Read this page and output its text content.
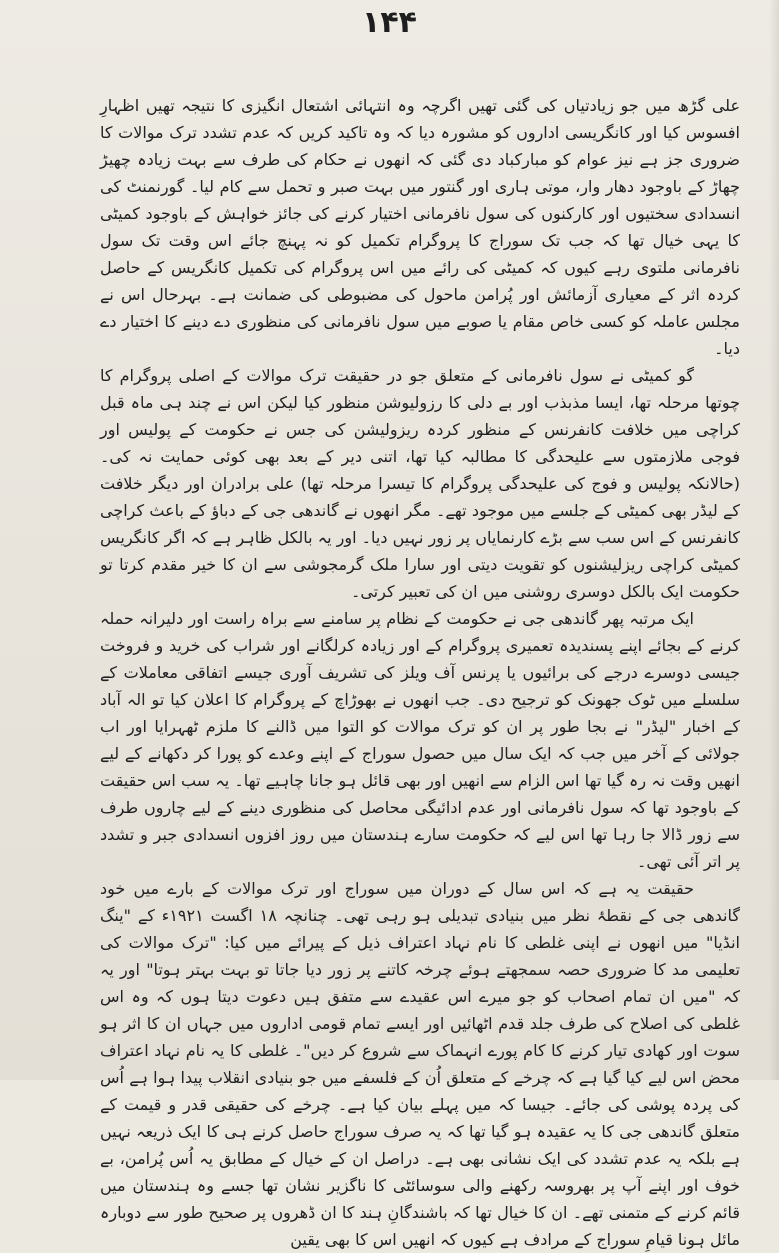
۱۴۴

علی گڑھ میں جو زیادتیاں کی گئی تھیں اگرچہ وہ انتہائی اشتعال انگیزی کا نتیجہ تھیں اظہارِ افسوس کیا اور کانگریسی اداروں کو مشورہ دیا کہ وہ تاکید کریں کہ عدم تشدد ترک موالات کا ضروری جز ہے نیز عوام کو مبارکباد دی گئی کہ انھوں نے حکام کی طرف سے بہت زیادہ چھیڑ چھاڑ کے باوجود دھار وار، موتی ہاری اور گنتور میں بہت صبر و تحمل سے کام لیا۔ گورنمنٹ کی انسدادی سختیوں اور کارکنوں کی سول نافرمانی اختیار کرنے کی جائز خواہش کے باوجود کمیٹی کا یہی خیال تھا کہ جب تک سوراج کا پروگرام تکمیل کو نہ پہنچ جائے اس وقت تک سول نافرمانی ملتوی رہے کیوں کہ کمیٹی کی رائے میں اس پروگرام کی تکمیل کانگریس کے حاصل کردہ اثر کے معیاری آزمائش اور پُرامن ماحول کی مضبوطی کی ضمانت ہے۔ بہرحال اس نے مجلس عاملہ کو کسی خاص مقام یا صوبے میں سول نافرمانی کی منظوری دے دینے کا اختیار دے دیا۔

گو کمیٹی نے سول نافرمانی کے متعلق جو در حقیقت ترک موالات کے اصلی پروگرام کا چوتھا مرحلہ تھا، ایسا مذبذب اور بے دلی کا رزولیوشن منظور کیا لیکن اس نے چند ہی ماہ قبل کراچی میں خلافت کانفرنس کے منظور کردہ ریزولیشن کی جس نے حکومت کے پولیس اور فوجی ملازمتوں سے علیحدگی کا مطالبہ کیا تھا، اتنی دیر کے بعد بھی کوئی حمایت نہ کی۔ (حالانکہ پولیس و فوج کی علیحدگی پروگرام کا تیسرا مرحلہ تھا) علی برادران اور دیگر خلافت کے لیڈر بھی کمیٹی کے جلسے میں موجود تھے۔ مگر انھوں نے گاندھی جی کے دباؤ کے باعث کراچی کانفرنس کے اس سب سے بڑے کارنمایاں پر زور نہیں دیا۔ اور یہ بالکل ظاہر ہے کہ اگر کانگریس کمیٹی کراچی ریزلیشنوں کو تقویت دیتی اور سارا ملک گرمجوشی سے ان کا خیر مقدم کرتا تو حکومت ایک بالکل دوسری روشنی میں ان کی تعبیر کرتی۔

ایک مرتبہ پھر گاندھی جی نے حکومت کے نظام پر سامنے سے براہ راست اور دلیرانہ حملہ کرنے کے بجائے اپنے پسندیدہ تعمیری پروگرام کے اور زیادہ کرلگانے اور شراب کی خرید و فروخت جیسی دوسرے درجے کی برائیوں یا پرنس آف ویلز کی تشریف آوری جیسے اتفاقی معاملات کے سلسلے میں ٹوک جھونک کو ترجیح دی۔ جب انھوں نے بھوڑاچ کے پروگرام کا اعلان کیا تو الہ آباد کے اخبار "لیڈر" نے بجا طور پر ان کو ترک موالات کو التوا میں ڈالنے کا ملزم ٹھہرایا اور اب جولائی کے آخر میں جب کہ ایک سال میں حصول سوراج کے اپنے وعدے کو پورا کر دکھانے کے لیے انھیں وقت نہ رہ گیا تھا اس الزام سے انھیں اور بھی قائل ہو جانا چاہیے تھا۔ یہ سب اس حقیقت کے باوجود تھا کہ سول نافرمانی اور عدم ادائیگی محاصل کی منظوری دینے کے لیے چاروں طرف سے زور ڈالا جا رہا تھا اس لیے کہ حکومت سارے ہندستان میں روز افزوں انسدادی جبر و تشدد پر اتر آئی تھی۔

حقیقت یہ ہے کہ اس سال کے دوران میں سوراج اور ترک موالات کے بارے میں خود گاندھی جی کے نقطۂ نظر میں بنیادی تبدیلی ہو رہی تھی۔ چنانچہ ۱۸ اگست ۱۹۲۱ء کے "ینگ انڈیا" میں انھوں نے اپنی غلطی کا نام نہاد اعتراف ذیل کے پیرائے میں کیا: "ترک موالات کی تعلیمی مد کا ضروری حصہ سمجھتے ہوئے چرخہ کاتنے پر زور دیا جاتا تو بہت بہتر ہوتا" اور یہ کہ "میں ان تمام اصحاب کو جو میرے اس عقیدے سے متفق ہیں دعوت دیتا ہوں کہ وہ اس غلطی کی اصلاح کی طرف جلد قدم اٹھائیں اور ایسے تمام قومی اداروں میں جہاں ان کا اثر ہو سوت اور کھادی تیار کرنے کا کام پورے انہماک سے شروع کر دیں"۔ غلطی کا یہ نام نہاد اعتراف محض اس لیے کیا گیا ہے کہ چرخے کے متعلق اُن کے فلسفے میں جو بنیادی انقلاب پیدا ہوا ہے اُس کی پردہ پوشی کی جائے۔ جیسا کہ میں پہلے بیان کیا ہے۔ چرخے کی حقیقی قدر و قیمت کے متعلق گاندھی جی کا یہ عقیدہ ہو گیا تھا کہ یہ صرف سوراج حاصل کرنے ہی کا ایک ذریعہ نہیں ہے بلکہ یہ عدم تشدد کی ایک نشانی بھی ہے۔ دراصل ان کے خیال کے مطابق یہ اُس پُرامن، بے خوف اور اپنے آپ پر بھروسہ رکھنے والی سوسائٹی کا ناگزیر نشان تھا جسے وہ ہندستان میں قائم کرنے کے متمنی تھے۔ ان کا خیال تھا کہ باشندگانِ ہند کا ان ڈھروں پر صحیح طور سے دوبارہ مائل ہونا قیامِ سوراج کے مرادف ہے کیوں کہ انھیں اس کا بھی یقین
